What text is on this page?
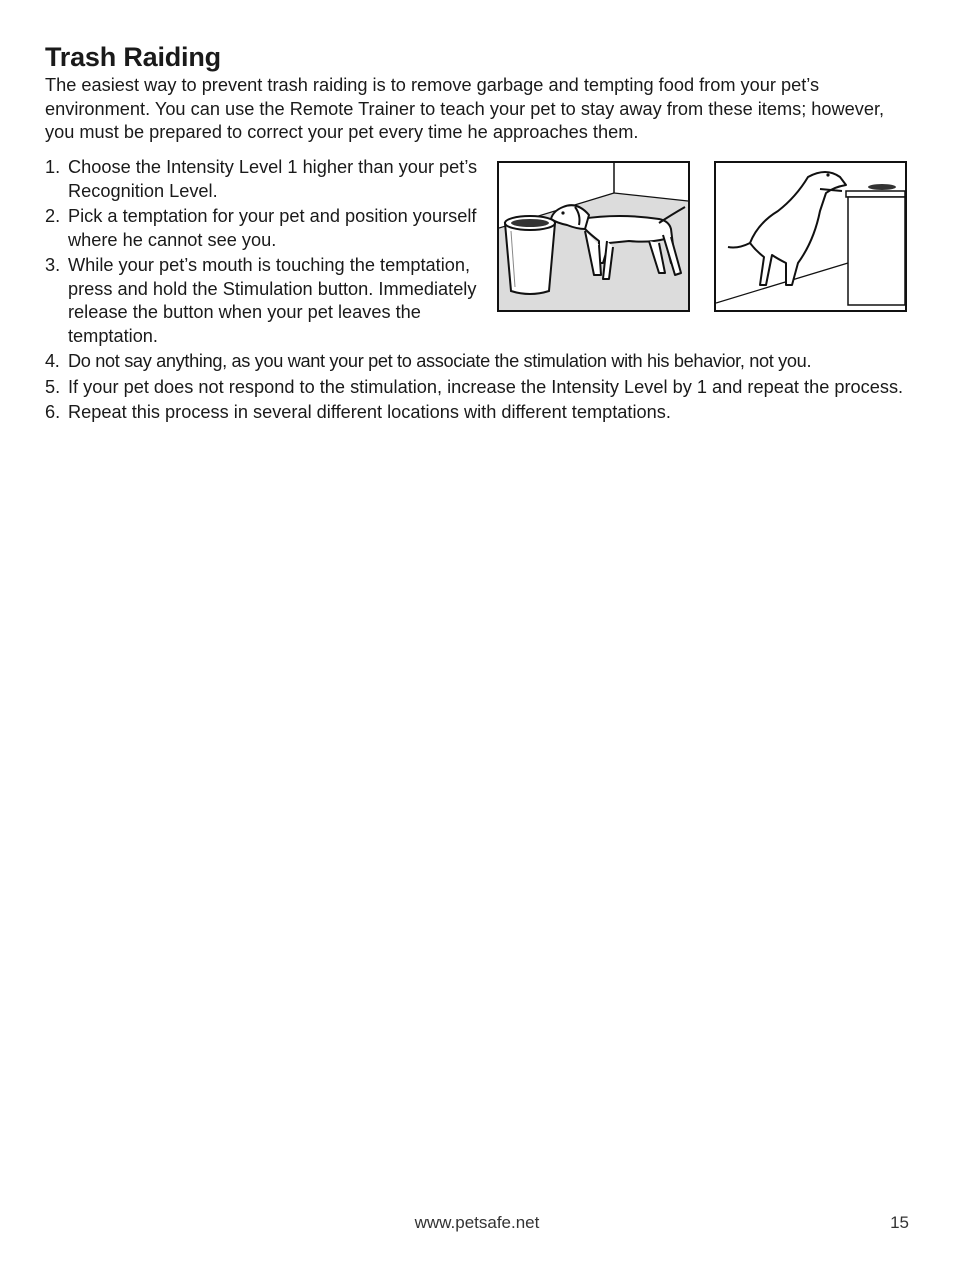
Trash Raiding

The easiest way to prevent trash raiding is to remove garbage and tempting food from your pet’s environment. You can use the Remote Trainer to teach your pet to stay away from these items; however, you must be prepared to correct your pet every time he approaches them.

1. Choose the Intensity Level 1 higher than your pet’s Recognition Level.
2. Pick a temptation for your pet and position yourself where he cannot see you.
3. While your pet’s mouth is touching the temptation, press and hold the Stimulation button. Immediately release the button when your pet leaves the temptation.
4. Do not say anything, as you want your pet to associate the stimulation with his behavior, not you.
5. If your pet does not respond to the stimulation, increase the Intensity Level by 1 and repeat the process.
6. Repeat this process in several different locations with different temptations.
www.petsafe.net	15
